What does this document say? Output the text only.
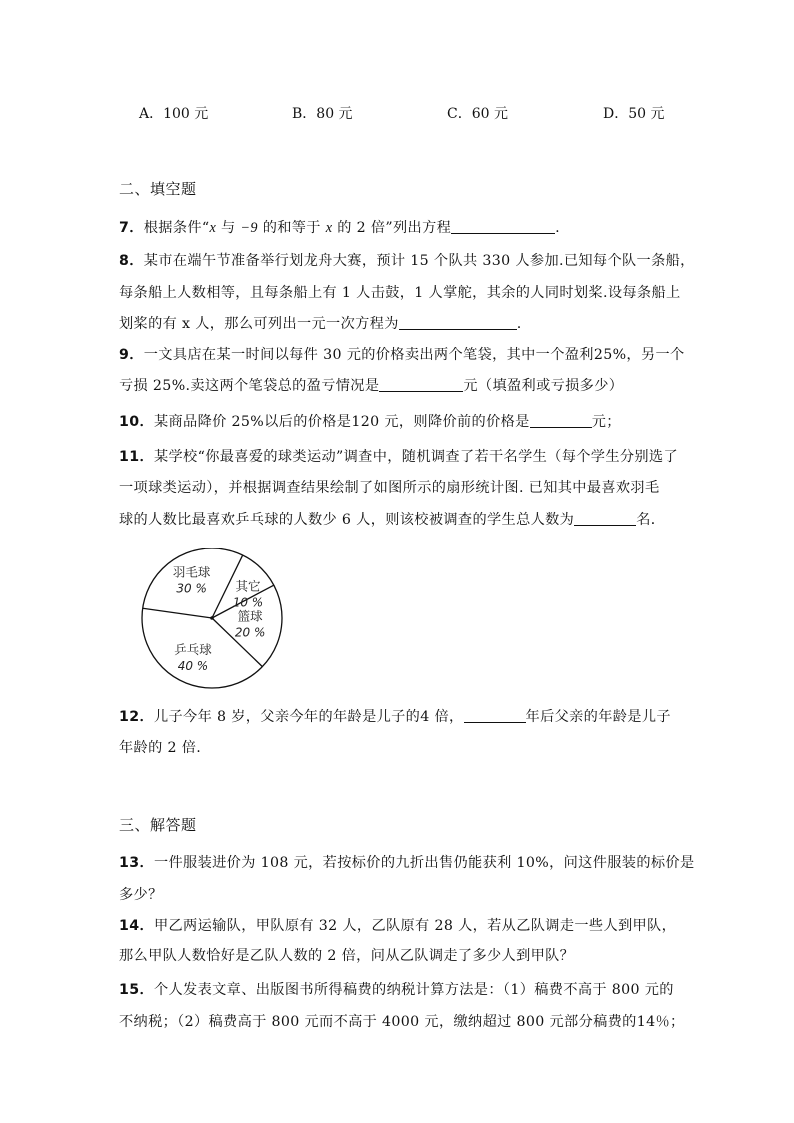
A．100 元	B．80 元	C．60 元	D．50 元
二、填空题
7．根据条件“x 与 −9 的和等于 x 的 2 倍”列出方程	.
8．某市在端午节准备举行划龙舟大赛，预计 15 个队共 330 人参加.已知每个队一条船，
每条船上人数相等，且每条船上有 1 人击鼓，1 人掌舵，其余的人同时划桨.设每条船上
划桨的有 x 人，那么可列出一元一次方程为	.
9．一文具店在某一时间以每件 30 元的价格卖出两个笔袋，其中一个盈利25%，另一个
亏损 25%.卖这两个笔袋总的盈亏情况是	元（填盈利或亏损多少）
10．某商品降价 25%以后的价格是120 元，则降价前的价格是	元；
11．某学校“你最喜爱的球类运动”调查中，随机调查了若干名学生（每个学生分别选了
一项球类运动），并根据调查结果绘制了如图所示的扇形统计图. 已知其中最喜欢羽毛
球的人数比最喜欢乒乓球的人数少 6 人，则该校被调查的学生总人数为	名．
羽毛球
30 % 其它
10 %
篮球
20 %
乒乓球
40 %
12．儿子今年 8 岁，父亲今年的年龄是儿子的4 倍，	年后父亲的年龄是儿子
年龄的 2 倍.
三、解答题
13．一件服装进价为 108 元，若按标价的九折出售仍能获利 10%，问这件服装的标价是
多少？
14．甲乙两运输队，甲队原有 32 人，乙队原有 28 人，若从乙队调走一些人到甲队，
那么甲队人数恰好是乙队人数的 2 倍，问从乙队调走了多少人到甲队？
15．个人发表文章、出版图书所得稿费的纳税计算方法是：（1）稿费不高于 800 元的
不纳税；（2）稿费高于 800 元而不高于 4000 元，缴纳超过 800 元部分稿费的14％；
